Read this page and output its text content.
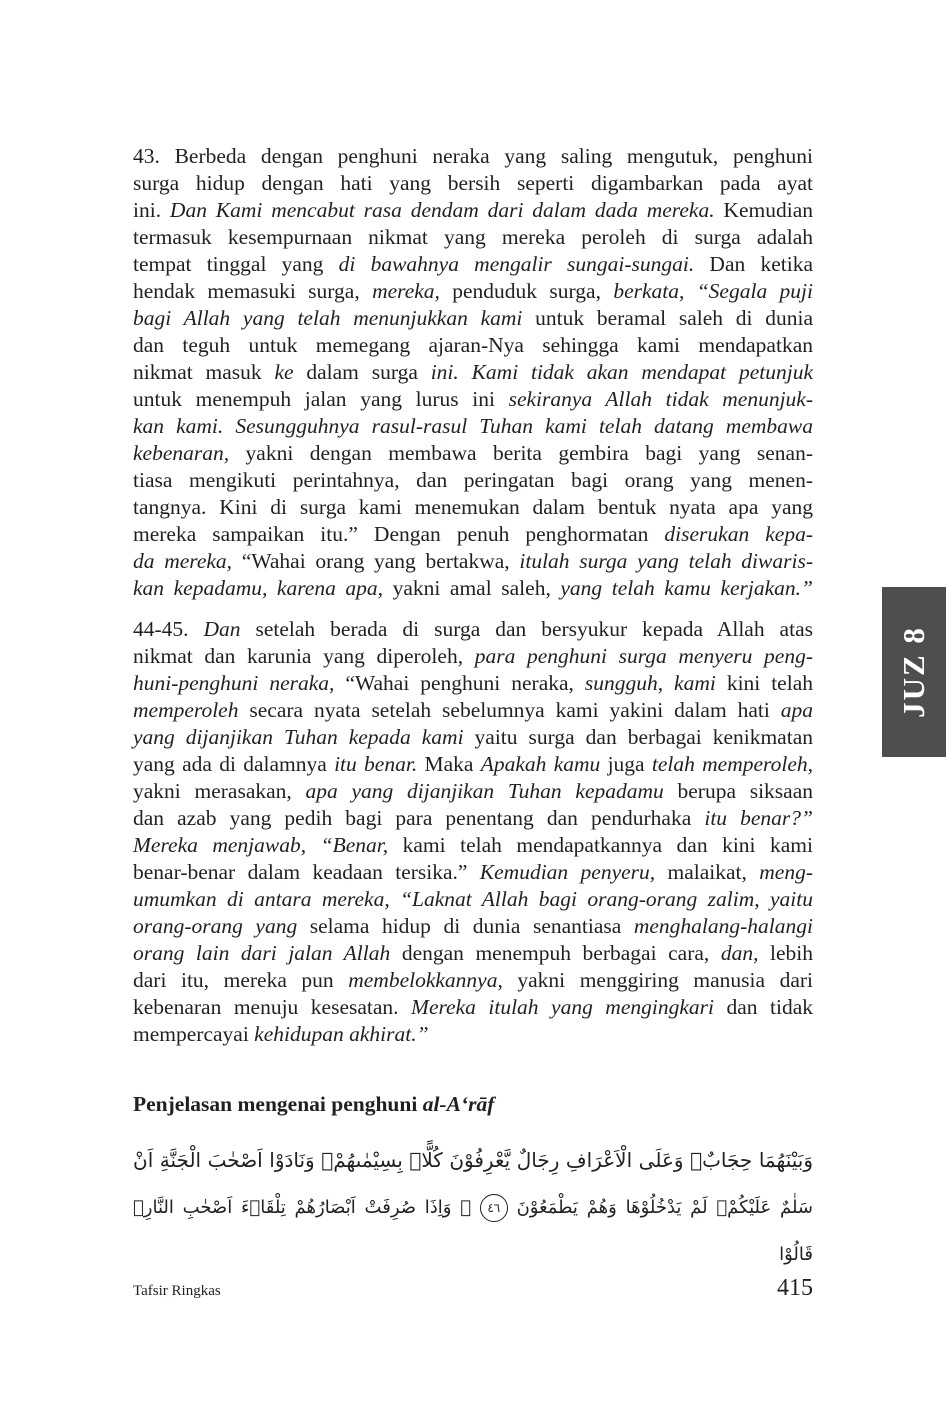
43. Berbeda dengan penghuni neraka yang saling mengutuk, penghuni
surga hidup dengan hati yang bersih seperti digambarkan pada ayat
ini. Dan Kami mencabut rasa dendam dari dalam dada mereka. Kemudian
termasuk kesempurnaan nikmat yang mereka peroleh di surga adalah
tempat tinggal yang di bawahnya mengalir sungai-sungai. Dan ketika
hendak memasuki surga, mereka, penduduk surga, berkata, “Segala puji
bagi Allah yang telah menunjukkan kami untuk beramal saleh di dunia
dan teguh untuk memegang ajaran-Nya sehingga kami mendapatkan
nikmat masuk ke dalam surga ini. Kami tidak akan mendapat petunjuk
untuk menempuh jalan yang lurus ini sekiranya Allah tidak menunjuk-
kan kami. Sesungguhnya rasul-rasul Tuhan kami telah datang membawa
kebenaran, yakni dengan membawa berita gembira bagi yang senan-
tiasa mengikuti perintahnya, dan peringatan bagi orang yang menen-
tangnya. Kini di surga kami menemukan dalam bentuk nyata apa yang
mereka sampaikan itu.” Dengan penuh penghormatan diserukan kepa-
da mereka, “Wahai orang yang bertakwa, itulah surga yang telah diwaris-
kan kepadamu, karena apa, yakni amal saleh, yang telah kamu kerjakan.”
44-45. Dan setelah berada di surga dan bersyukur kepada Allah atas
nikmat dan karunia yang diperoleh, para penghuni surga menyeru peng-
huni-penghuni neraka, “Wahai penghuni neraka, sungguh, kami kini telah
memperoleh secara nyata setelah sebelumnya kami yakini dalam hati apa
yang dijanjikan Tuhan kepada kami yaitu surga dan berbagai kenikmatan
yang ada di dalamnya itu benar. Maka Apakah kamu juga telah memperoleh,
yakni merasakan, apa yang dijanjikan Tuhan kepadamu berupa siksaan
dan azab yang pedih bagi para penentang dan pendurhaka itu benar?”
Mereka menjawab, “Benar, kami telah mendapatkannya dan kini kami
benar-benar dalam keadaan tersika.” Kemudian penyeru, malaikat, meng-
umumkan di antara mereka, “Laknat Allah bagi orang-orang zalim, yaitu
orang-orang yang selama hidup di dunia senantiasa menghalang-halangi
orang lain dari jalan Allah dengan menempuh berbagai cara, dan, lebih
dari itu, mereka pun membelokkannya, yakni menggiring manusia dari
kebenaran menuju kesesatan. Mereka itulah yang mengingkari dan tidak
mempercayai kehidupan akhirat.”
Penjelasan mengenai penghuni al-A‘rāf
وَبَيْنَهُمَا حِجَابٌۚ وَعَلَى الْاَعْرَافِ رِجَالٌ يَّعْرِفُوْنَ كُلًّاۢ بِسِيْمٰىهُمْۚ وَنَادَوْا اَصْحٰبَ الْجَنَّةِ اَنْ
سَلٰمٌ عَلَيْكُمْۗ لَمْ يَدْخُلُوْهَا وَهُمْ يَطْمَعُوْنَ ٤٦ ۞ وَاِذَا صُرِفَتْ اَبْصَارُهُمْ تِلْقَاۤءَ اَصْحٰبِ النَّارِۙ قَالُوْا
Tafsir Ringkas	415
JUZ 8
